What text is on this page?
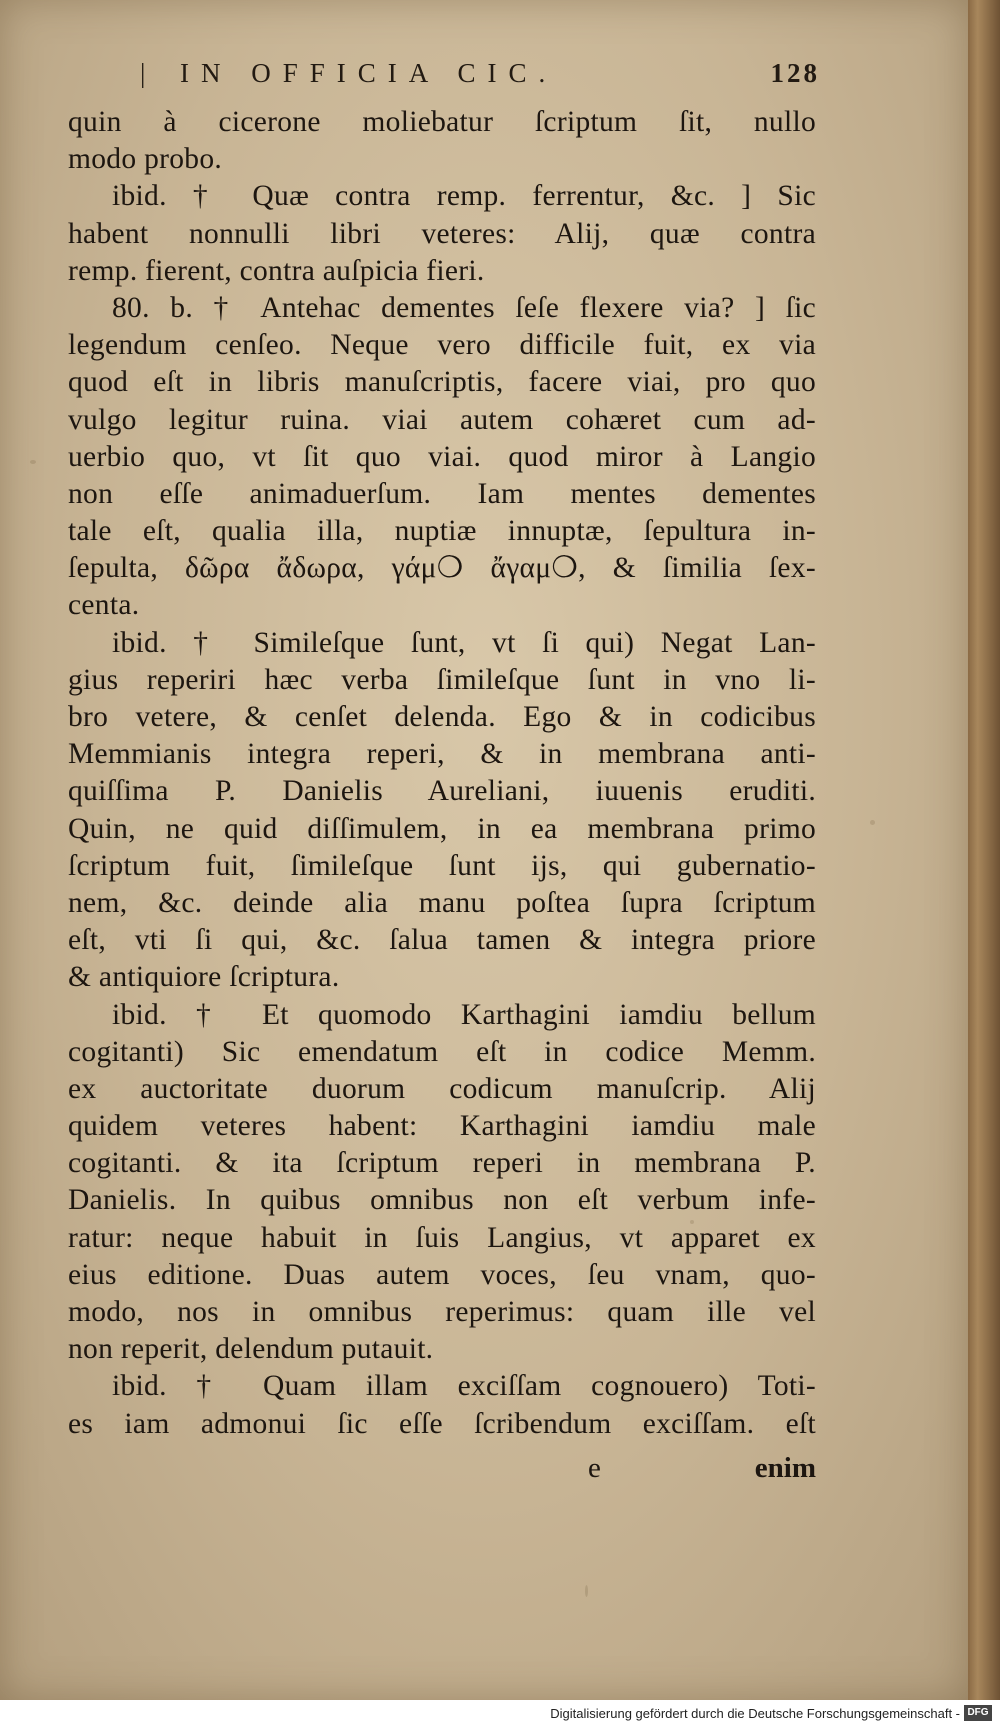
| IN OFFICIA CIC.	128
quin à cicerone moliebatur ſcriptum ſit, nullo
modo probo.
ibid. † Quæ contra remp. ferrentur, &c. ] Sic
habent nonnulli libri veteres: Alij, quæ contra
remp. fierent, contra auſpicia fieri.
80. b. † Antehac dementes ſeſe flexere via? ] ſic
legendum cenſeo. Neque vero difficile fuit, ex via
quod eſt in libris manuſcriptis, facere viai, pro quo
vulgo legitur ruina. viai autem cohæret cum ad-
uerbio quo, vt ſit quo viai. quod miror à Langio
non eſſe animaduerſum. Iam mentes dementes
tale eſt, qualia illa, nuptiæ innuptæ, ſepultura in-
ſepulta, δῶρα ἄδωρα, γάμ❍ ἄγαμ❍, & ſimilia ſex-
centa.
ibid. † Simileſque ſunt, vt ſi qui) Negat Lan-
gius reperiri hæc verba ſimileſque ſunt in vno li-
bro vetere, & cenſet delenda. Ego & in codicibus
Memmianis integra reperi, & in membrana anti-
quiſſima P. Danielis Aureliani, iuuenis eruditi.
Quin, ne quid diſſimulem, in ea membrana primo
ſcriptum fuit, ſimileſque ſunt ijs, qui gubernatio-
nem, &c. deinde alia manu poſtea ſupra ſcriptum
eſt, vti ſi qui, &c. ſalua tamen & integra priore
& antiquiore ſcriptura.
ibid. † Et quomodo Karthagini iamdiu bellum
cogitanti) Sic emendatum eſt in codice Memm.
ex auctoritate duorum codicum manuſcrip. Alij
quidem veteres habent: Karthagini iamdiu male
cogitanti. & ita ſcriptum reperi in membrana P.
Danielis. In quibus omnibus non eſt verbum infe-
ratur: neque habuit in ſuis Langius, vt apparet ex
eius editione. Duas autem voces, ſeu vnam, quo-
modo, nos in omnibus reperimus: quam ille vel
non reperit, delendum putauit.
ibid. † Quam illam exciſſam cognouero) Toti-
es iam admonui ſic eſſe ſcribendum exciſſam. eſt
e	enim
Digitalisierung gefördert durch die Deutsche Forschungsgemeinschaft - DFG
